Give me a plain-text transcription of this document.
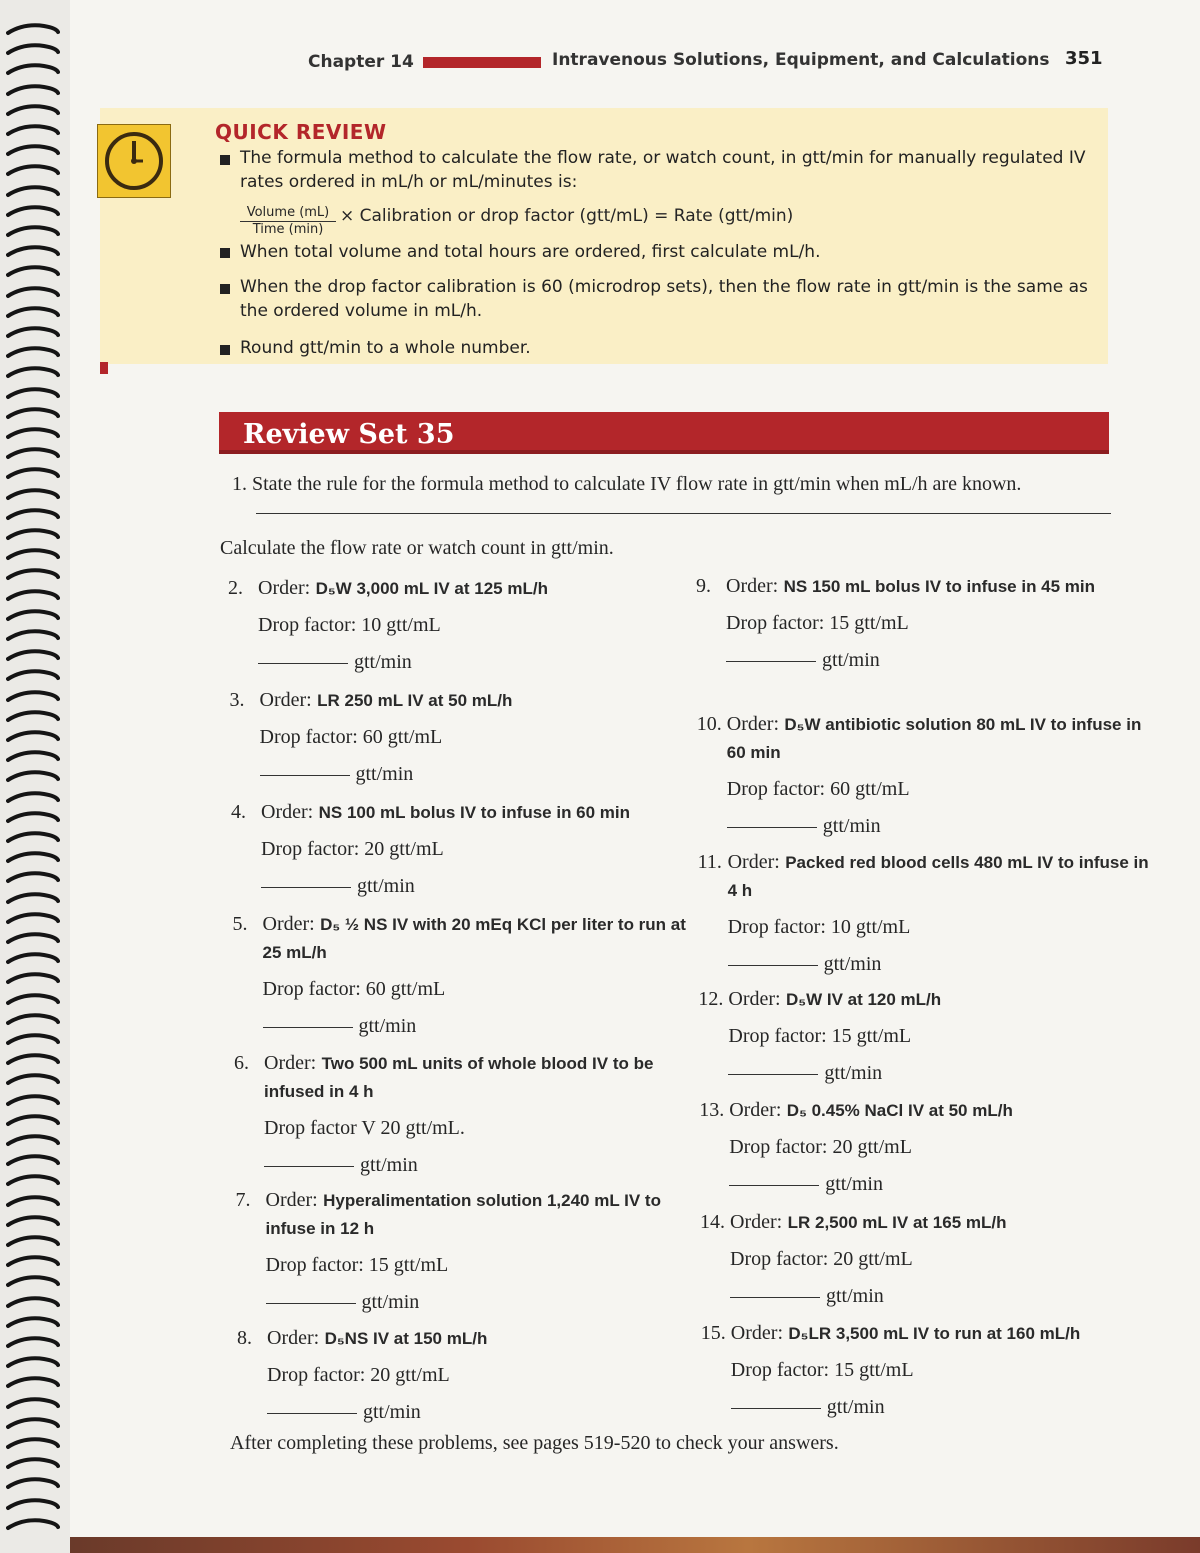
Chapter 14	Intravenous Solutions, Equipment, and Calculations 351
QUICK REVIEW
The formula method to calculate the flow rate, or watch count, in gtt/min for manually regulated IV rates ordered in mL/h or mL/minutes is:
Volume (mL)
Time (min)
× Calibration or drop factor (gtt/mL) = Rate (gtt/min)
When total volume and total hours are ordered, first calculate mL/h.
When the drop factor calibration is 60 (microdrop sets), then the flow rate in gtt/min is the same as the ordered volume in mL/h.
Round gtt/min to a whole number.
Review Set 35
1. State the rule for the formula method to calculate IV flow rate in gtt/min when mL/h are known.
Calculate the flow rate or watch count in gtt/min.
2. Order: D₅W 3,000 mL IV at 125 mL/h
Drop factor: 10 gtt/mL
gtt/min
3. Order: LR 250 mL IV at 50 mL/h
Drop factor: 60 gtt/mL
gtt/min
4. Order: NS 100 mL bolus IV to infuse in 60 min
Drop factor: 20 gtt/mL
gtt/min
5. Order: D₅ ½ NS IV with 20 mEq KCl per liter to run at 25 mL/h
Drop factor: 60 gtt/mL
gtt/min
6. Order: Two 500 mL units of whole blood IV to be infused in 4 h
Drop factor V 20 gtt/mL.
gtt/min
7. Order: Hyperalimentation solution 1,240 mL IV to infuse in 12 h
Drop factor: 15 gtt/mL
gtt/min
8. Order: D₅NS IV at 150 mL/h
Drop factor: 20 gtt/mL
gtt/min
9. Order: NS 150 mL bolus IV to infuse in 45 min
Drop factor: 15 gtt/mL
gtt/min
10. Order: D₅W antibiotic solution 80 mL IV to infuse in 60 min
Drop factor: 60 gtt/mL
gtt/min
11. Order: Packed red blood cells 480 mL IV to infuse in 4 h
Drop factor: 10 gtt/mL
gtt/min
12. Order: D₅W IV at 120 mL/h
Drop factor: 15 gtt/mL
gtt/min
13. Order: D₅ 0.45% NaCl IV at 50 mL/h
Drop factor: 20 gtt/mL
gtt/min
14. Order: LR 2,500 mL IV at 165 mL/h
Drop factor: 20 gtt/mL
gtt/min
15. Order: D₅LR 3,500 mL IV to run at 160 mL/h
Drop factor: 15 gtt/mL
gtt/min
After completing these problems, see pages 519-520 to check your answers.
